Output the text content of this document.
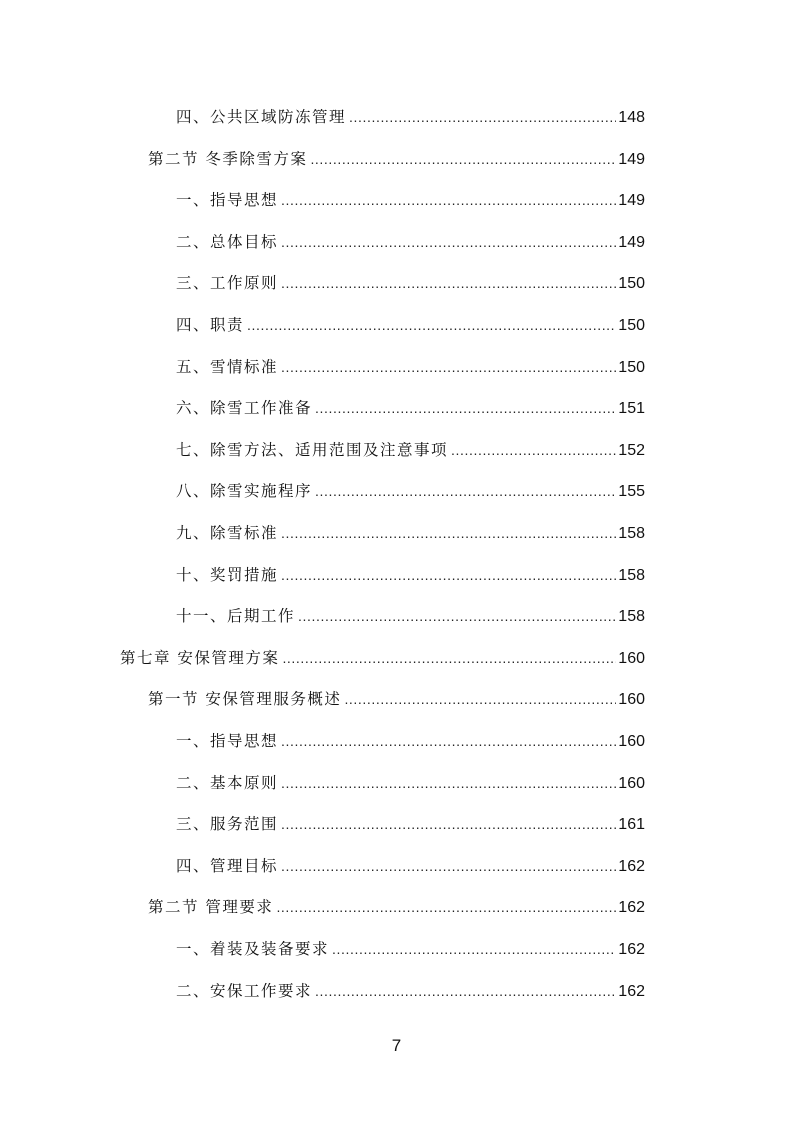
四、公共区域防冻管理 .....	148
第二节 冬季除雪方案 .....	149
一、指导思想 .....	149
二、总体目标 .....	149
三、工作原则 .....	150
四、职责 .....	150
五、雪情标准 .....	150
六、除雪工作准备 .....	151
七、除雪方法、适用范围及注意事项 .....	152
八、除雪实施程序 .....	155
九、除雪标准 .....	158
十、奖罚措施 .....	158
十一、后期工作 .....	158
第七章 安保管理方案 .....	160
第一节 安保管理服务概述 .....	160
一、指导思想 .....	160
二、基本原则 .....	160
三、服务范围 .....	161
四、管理目标 .....	162
第二节 管理要求 .....	162
一、着装及装备要求 .....	162
二、安保工作要求 .....	162
7
